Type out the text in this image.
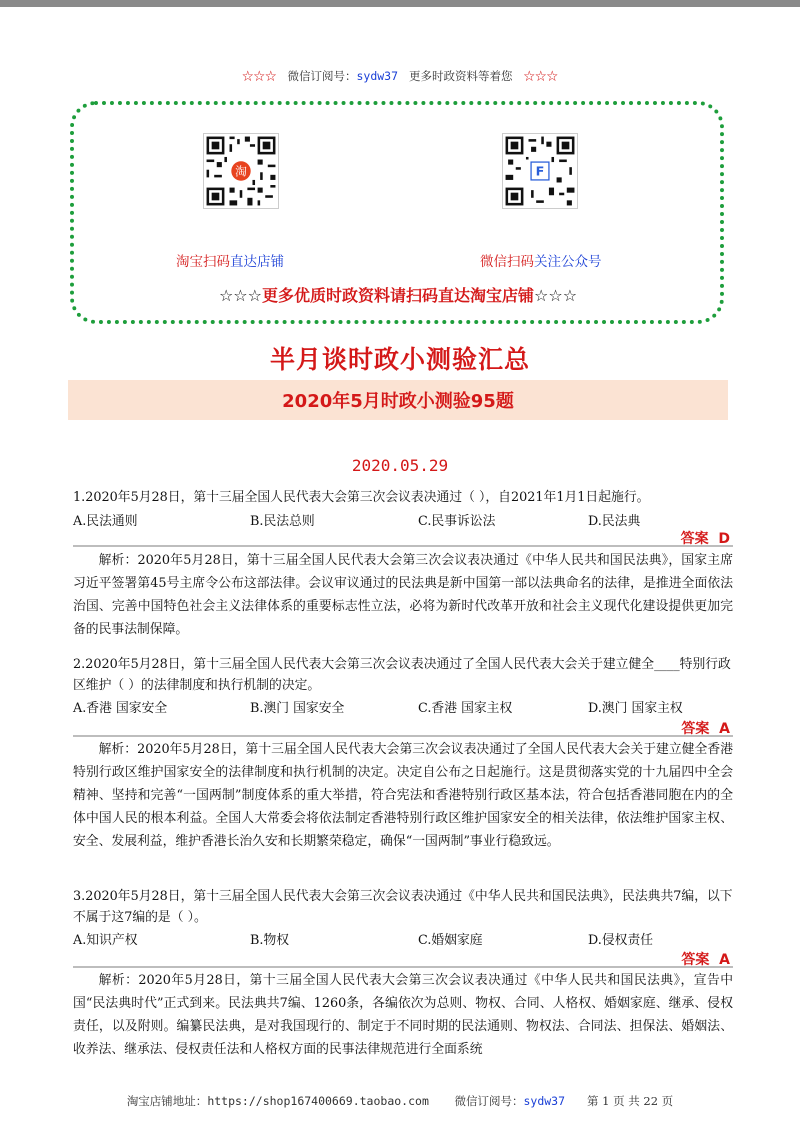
☆☆☆ 微信订阅号：sydw37 更多时政资料等着您 ☆☆☆
淘	F
淘宝扫码直达店铺	微信扫码关注公众号
☆☆☆更多优质时政资料请扫码直达淘宝店铺☆☆☆
半月谈时政小测验汇总
2020年5月时政小测验95题
2020.05.29
1.2020年5月28日，第十三届全国人民代表大会第三次会议表决通过（ ），自2021年1月1日起施行。
A.民法通则	B.民法总则	C.民事诉讼法	D.民法典
答案 D
解析：2020年5月28日，第十三届全国人民代表大会第三次会议表决通过《中华人民共和国民法典》，国家主席习近平签署第45号主席令公布这部法律。会议审议通过的民法典是新中国第一部以法典命名的法律，是推进全面依法治国、完善中国特色社会主义法律体系的重要标志性立法，必将为新时代改革开放和社会主义现代化建设提供更加完备的民事法制保障。
2.2020年5月28日，第十三届全国人民代表大会第三次会议表决通过了全国人民代表大会关于建立健全____特别行政区维护（ ）的法律制度和执行机制的决定。
A.香港 国家安全	B.澳门 国家安全	C.香港 国家主权	D.澳门 国家主权
答案 A
解析：2020年5月28日，第十三届全国人民代表大会第三次会议表决通过了全国人民代表大会关于建立健全香港特别行政区维护国家安全的法律制度和执行机制的决定。决定自公布之日起施行。这是贯彻落实党的十九届四中全会精神、坚持和完善“一国两制”制度体系的重大举措，符合宪法和香港特别行政区基本法，符合包括香港同胞在内的全体中国人民的根本利益。全国人大常委会将依法制定香港特别行政区维护国家安全的相关法律，依法维护国家主权、安全、发展利益，维护香港长治久安和长期繁荣稳定，确保“一国两制”事业行稳致远。
3.2020年5月28日，第十三届全国人民代表大会第三次会议表决通过《中华人民共和国民法典》，民法典共7编，以下不属于这7编的是（ ）。
A.知识产权	B.物权	C.婚姻家庭	D.侵权责任
答案 A
解析：2020年5月28日，第十三届全国人民代表大会第三次会议表决通过《中华人民共和国民法典》，宣告中国“民法典时代”正式到来。民法典共7编、1260条，各编依次为总则、物权、合同、人格权、婚姻家庭、继承、侵权责任，以及附则。编纂民法典，是对我国现行的、制定于不同时期的民法通则、物权法、合同法、担保法、婚姻法、收养法、继承法、侵权责任法和人格权方面的民事法律规范进行全面系统
淘宝店铺地址：https://shop167400669.taobao.com 微信订阅号：sydw37 第 1 页 共 22 页
